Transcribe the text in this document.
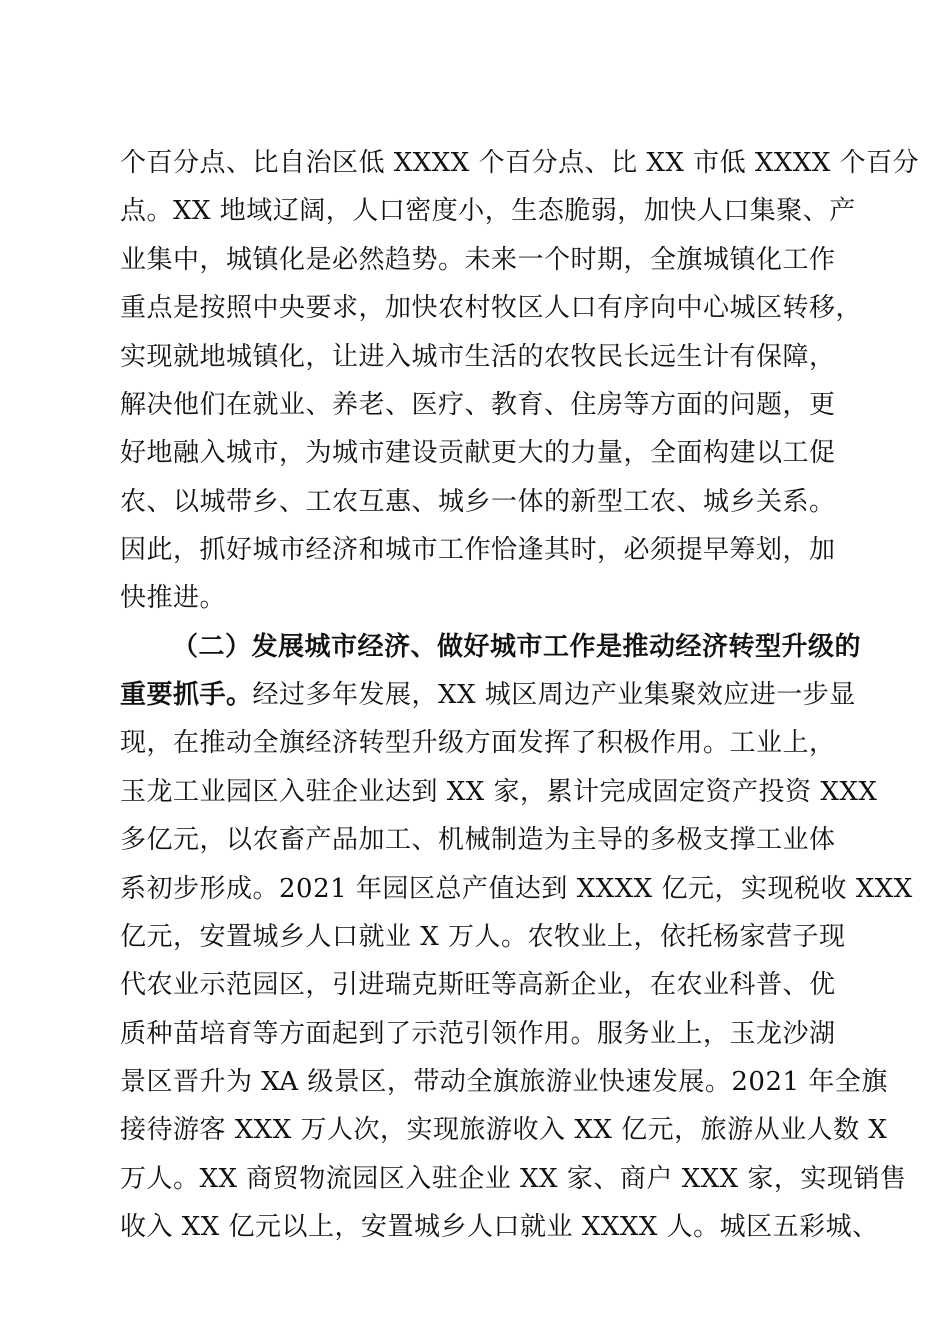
个百分点、比自治区低 XXXX 个百分点、比 XX 市低 XXXX 个百分
点。XX 地域辽阔，人口密度小，生态脆弱，加快人口集聚、产
业集中，城镇化是必然趋势。未来一个时期，全旗城镇化工作
重点是按照中央要求，加快农村牧区人口有序向中心城区转移，
实现就地城镇化，让进入城市生活的农牧民长远生计有保障，
解决他们在就业、养老、医疗、教育、住房等方面的问题，更
好地融入城市，为城市建设贡献更大的力量，全面构建以工促
农、以城带乡、工农互惠、城乡一体的新型工农、城乡关系。
因此，抓好城市经济和城市工作恰逢其时，必须提早筹划，加
快推进。
（二）发展城市经济、做好城市工作是推动经济转型升级的
重要抓手。经过多年发展，XX 城区周边产业集聚效应进一步显
现，在推动全旗经济转型升级方面发挥了积极作用。工业上，
玉龙工业园区入驻企业达到 XX 家，累计完成固定资产投资 XXX
多亿元，以农畜产品加工、机械制造为主导的多极支撑工业体
系初步形成。2021 年园区总产值达到 XXXX 亿元，实现税收 XXX
亿元，安置城乡人口就业 X 万人。农牧业上，依托杨家营子现
代农业示范园区，引进瑞克斯旺等高新企业，在农业科普、优
质种苗培育等方面起到了示范引领作用。服务业上，玉龙沙湖
景区晋升为 XA 级景区，带动全旗旅游业快速发展。2021 年全旗
接待游客 XXX 万人次，实现旅游收入 XX 亿元，旅游从业人数 X
万人。XX 商贸物流园区入驻企业 XX 家、商户 XXX 家，实现销售
收入 XX 亿元以上，安置城乡人口就业 XXXX 人。城区五彩城、
